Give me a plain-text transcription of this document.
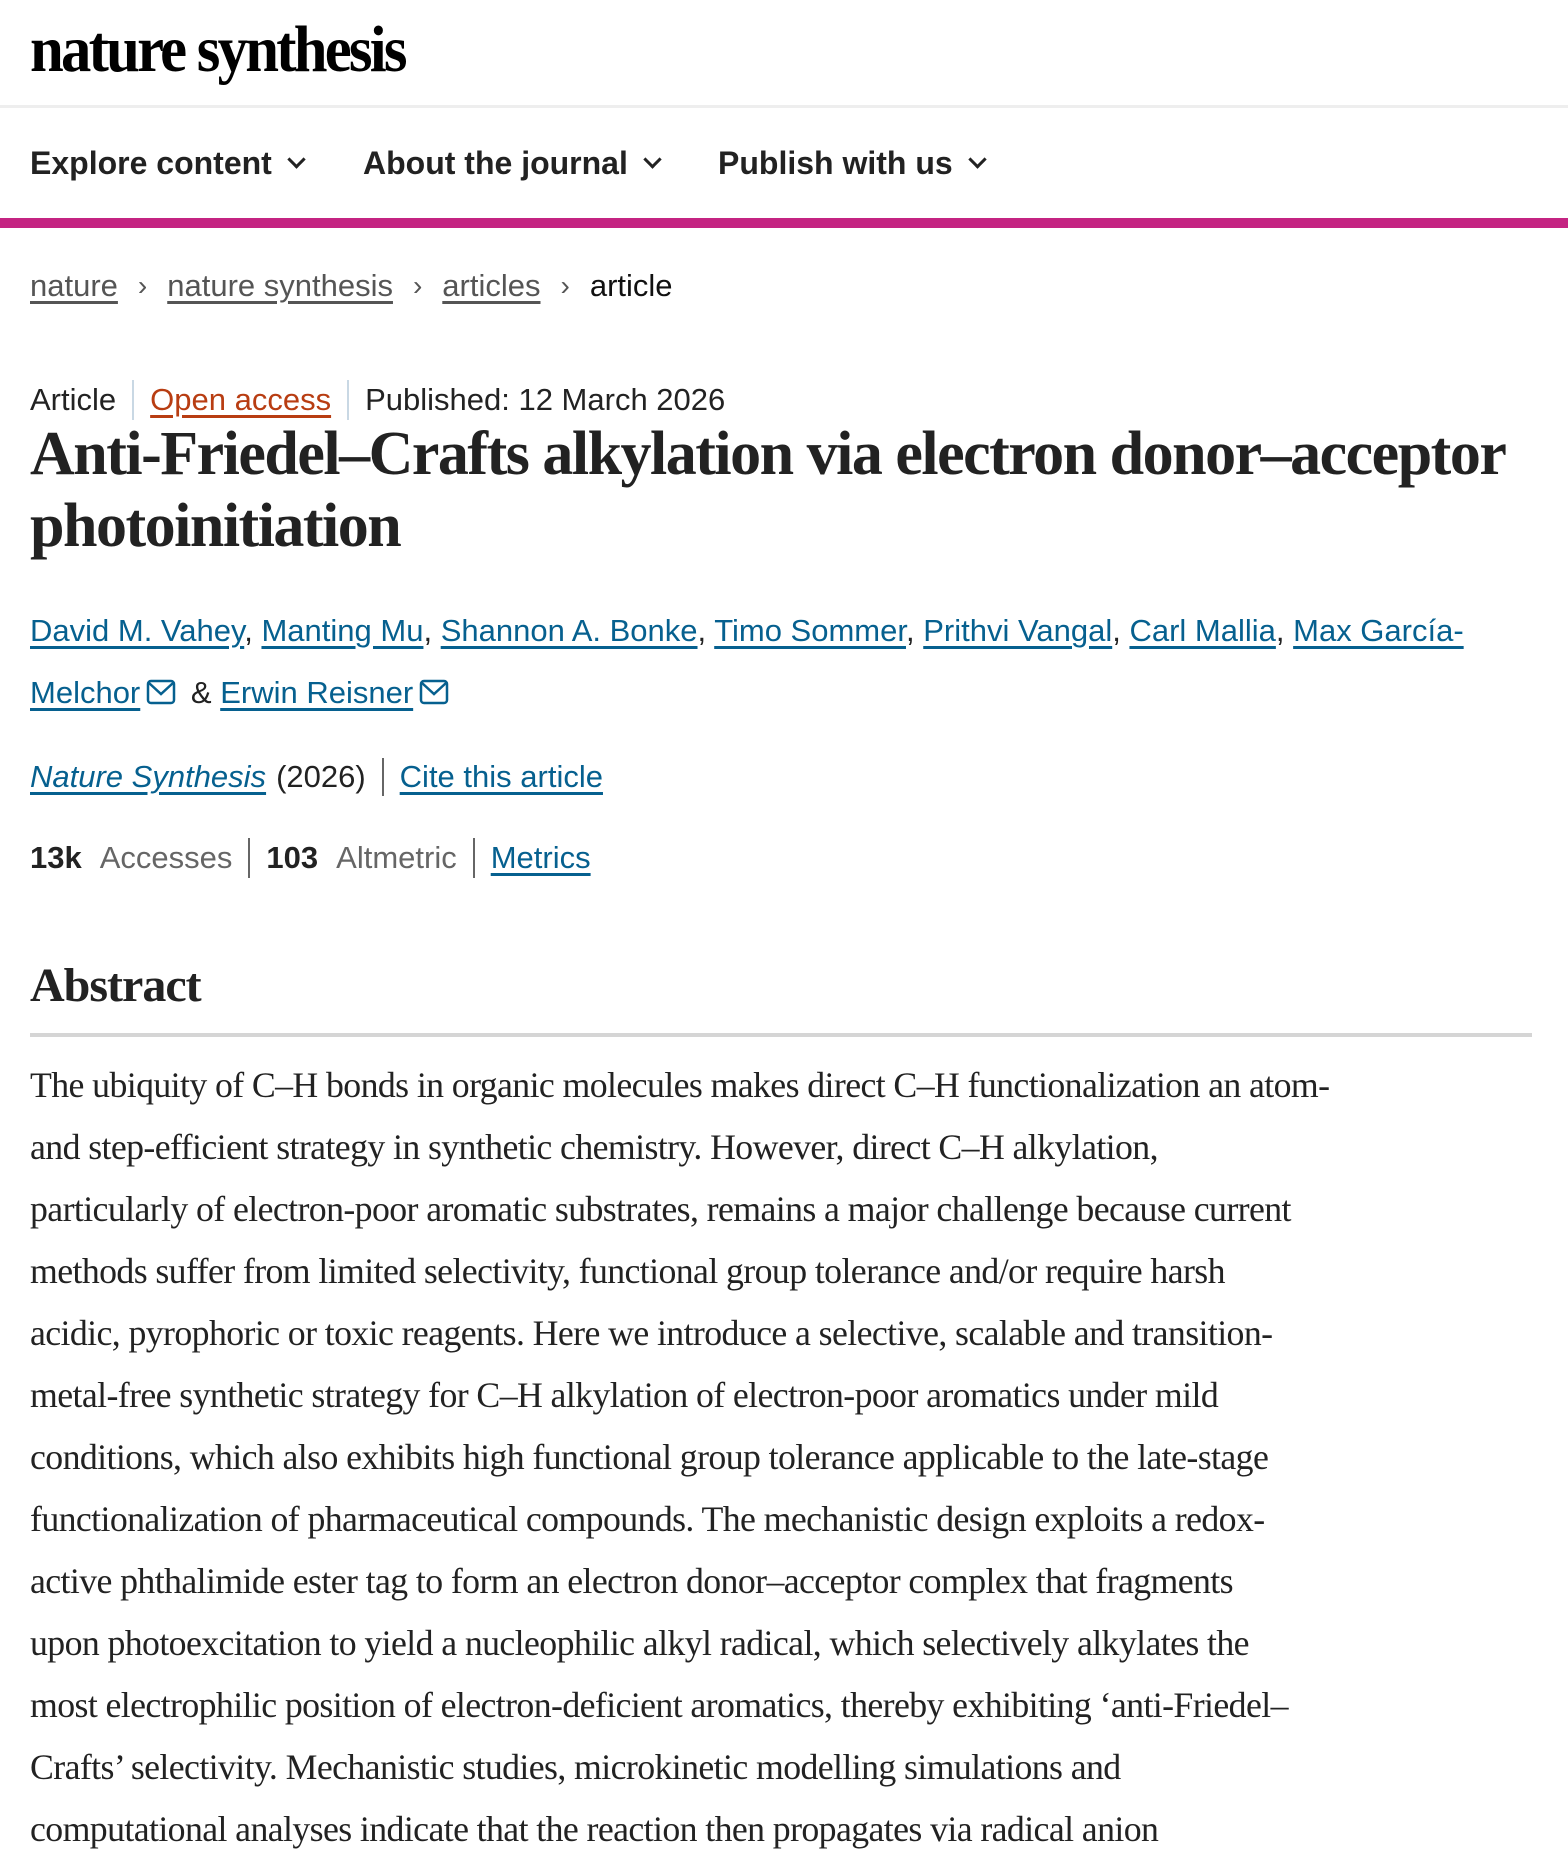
nature synthesis
Explore content	About the journal	Publish with us
nature › nature synthesis › articles › article
Article Open access Published: 12 March 2026
Anti-Friedel–Crafts alkylation via electron donor–acceptor photoinitiation
David M. Vahey, Manting Mu, Shannon A. Bonke, Timo Sommer, Prithvi Vangal, Carl Mallia, Max García-
Melchor & Erwin Reisner
Nature Synthesis (2026) Cite this article
13k Accesses 103 Altmetric Metrics
Abstract
The ubiquity of C–H bonds in organic molecules makes direct C–H functionalization an atom-
and step-efficient strategy in synthetic chemistry. However, direct C–H alkylation,
particularly of electron-poor aromatic substrates, remains a major challenge because current
methods suffer from limited selectivity, functional group tolerance and/or require harsh
acidic, pyrophoric or toxic reagents. Here we introduce a selective, scalable and transition-
metal-free synthetic strategy for C–H alkylation of electron-poor aromatics under mild
conditions, which also exhibits high functional group tolerance applicable to the late-stage
functionalization of pharmaceutical compounds. The mechanistic design exploits a redox-
active phthalimide ester tag to form an electron donor–acceptor complex that fragments
upon photoexcitation to yield a nucleophilic alkyl radical, which selectively alkylates the
most electrophilic position of electron-deficient aromatics, thereby exhibiting ‘anti-Friedel–
Crafts’ selectivity. Mechanistic studies, microkinetic modelling simulations and
computational analyses indicate that the reaction then propagates via radical anion
